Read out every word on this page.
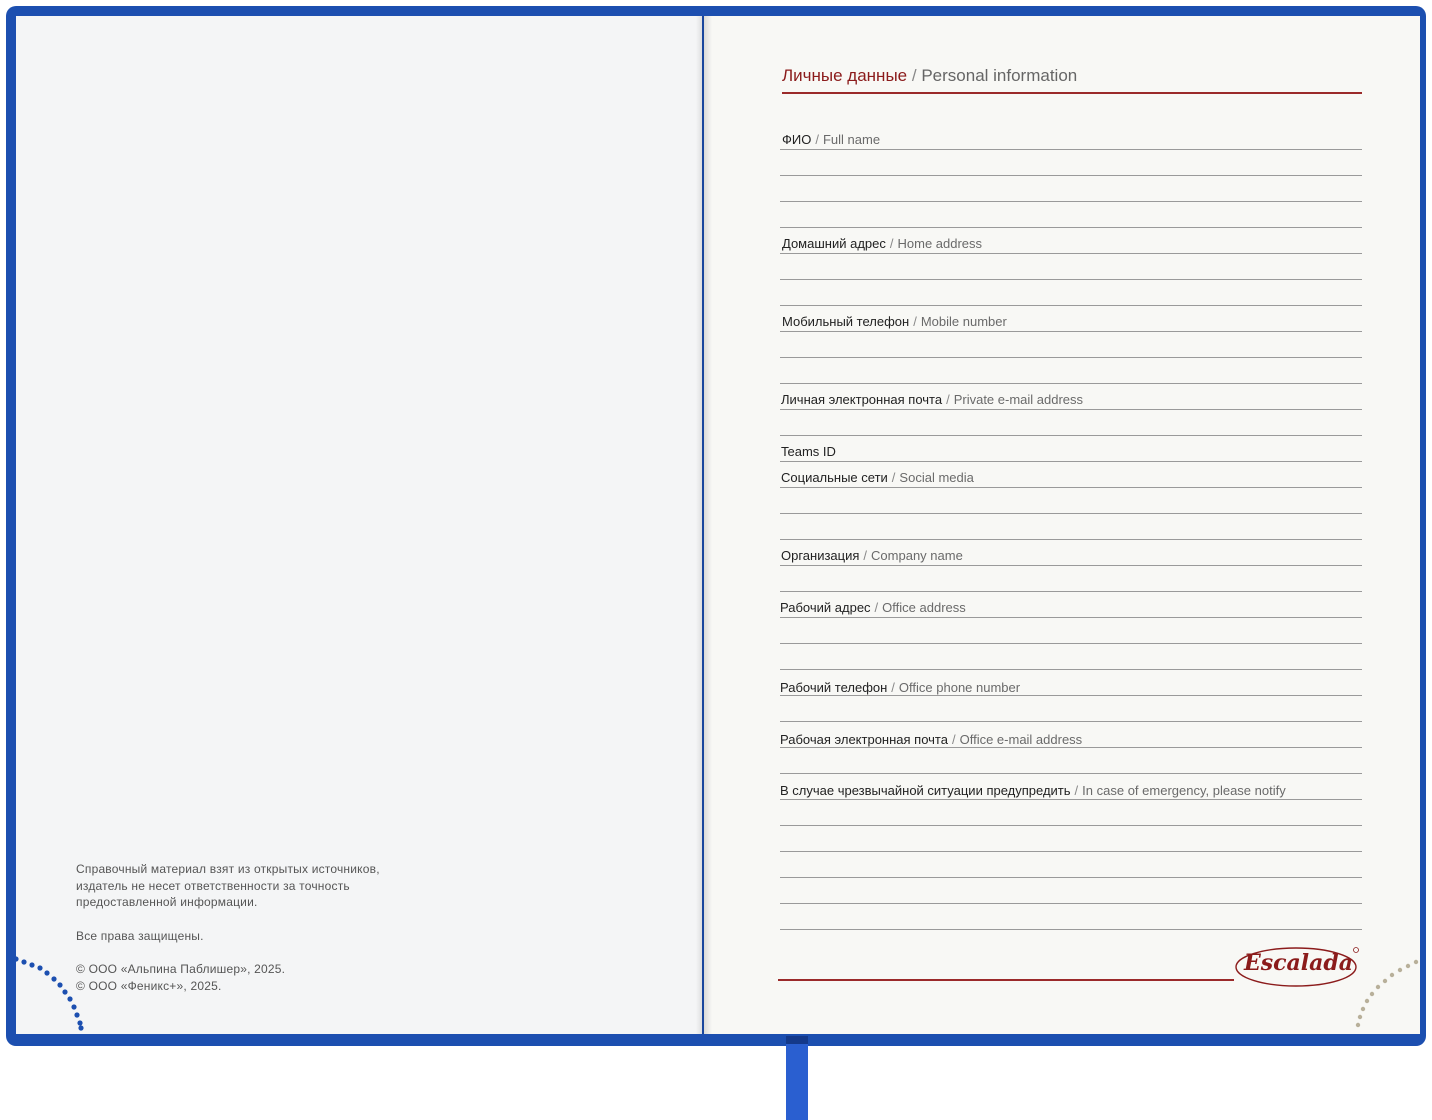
Справочный материал взят из открытых источников,
издатель не несет ответственности за точность
предоставленной информации.
Все права защищены.
© ООО «Альпина Паблишер», 2025.
© ООО «Феникс+», 2025.
Личные данные / Personal information
ФИО / Full name
Домашний адрес / Home address
Мобильный телефон / Mobile number
Личная электронная почта / Private e-mail address
Teams ID
Социальные сети / Social media
Организация / Company name
Рабочий адрес / Office address
Рабочий телефон / Office phone number
Рабочая электронная почта / Office e-mail address
В случае чрезвычайной ситуации предупредить / In case of emergency, please notify
Escalada
